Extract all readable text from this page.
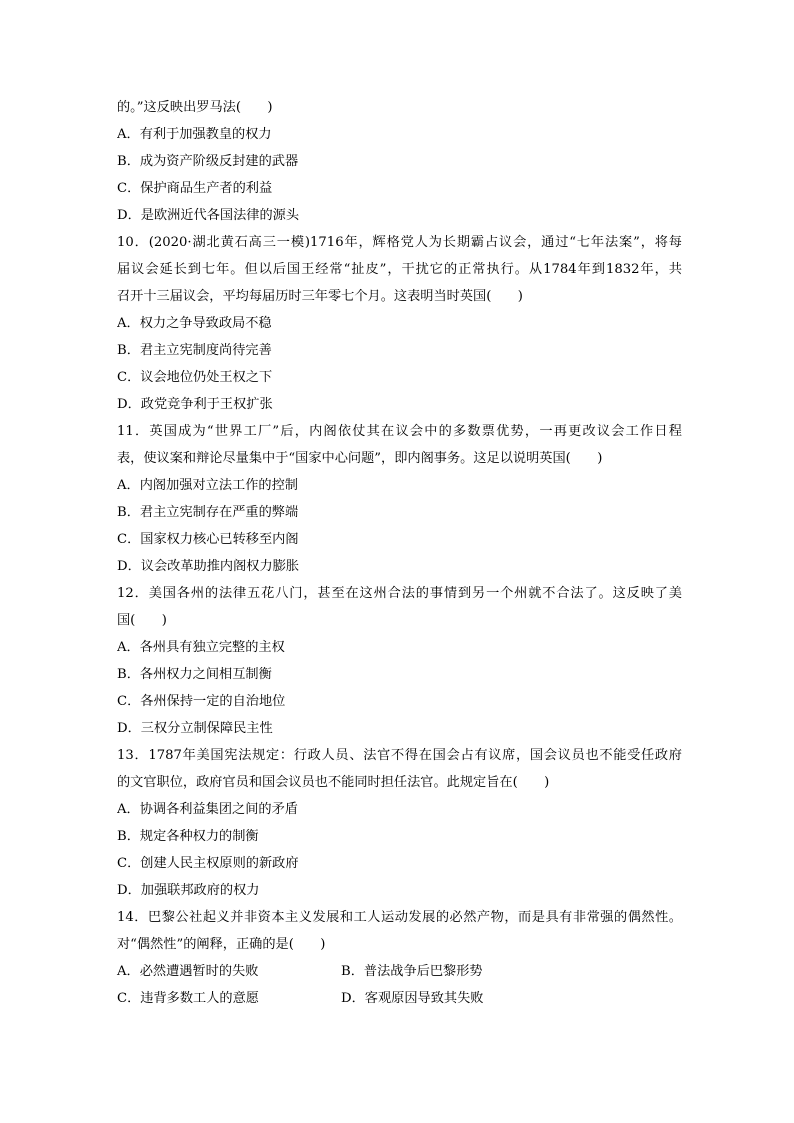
的。”这反映出罗马法(　　)
A．有利于加强教皇的权力
B．成为资产阶级反封建的武器
C．保护商品生产者的利益
D．是欧洲近代各国法律的源头
10．(2020·湖北黄石高三一模)1716年，辉格党人为长期霸占议会，通过“七年法案”，将每
届议会延长到七年。但以后国王经常“扯皮”，干扰它的正常执行。从1784年到1832年，共
召开十三届议会，平均每届历时三年零七个月。这表明当时英国(　　)
A．权力之争导致政局不稳
B．君主立宪制度尚待完善
C．议会地位仍处王权之下
D．政党竞争利于王权扩张
11．英国成为“世界工厂”后，内阁依仗其在议会中的多数票优势，一再更改议会工作日程
表，使议案和辩论尽量集中于“国家中心问题”，即内阁事务。这足以说明英国(　　)
A．内阁加强对立法工作的控制
B．君主立宪制存在严重的弊端
C．国家权力核心已转移至内阁
D．议会改革助推内阁权力膨胀
12．美国各州的法律五花八门，甚至在这州合法的事情到另一个州就不合法了。这反映了美
国(　　)
A．各州具有独立完整的主权
B．各州权力之间相互制衡
C．各州保持一定的自治地位
D．三权分立制保障民主性
13．1787年美国宪法规定：行政人员、法官不得在国会占有议席，国会议员也不能受任政府
的文官职位，政府官员和国会议员也不能同时担任法官。此规定旨在(　　)
A．协调各利益集团之间的矛盾
B．规定各种权力的制衡
C．创建人民主权原则的新政府
D．加强联邦政府的权力
14．巴黎公社起义并非资本主义发展和工人运动发展的必然产物，而是具有非常强的偶然性。
对“偶然性”的阐释，正确的是(　　)
A．必然遭遇暂时的失败	B．普法战争后巴黎形势
C．违背多数工人的意愿	D．客观原因导致其失败
